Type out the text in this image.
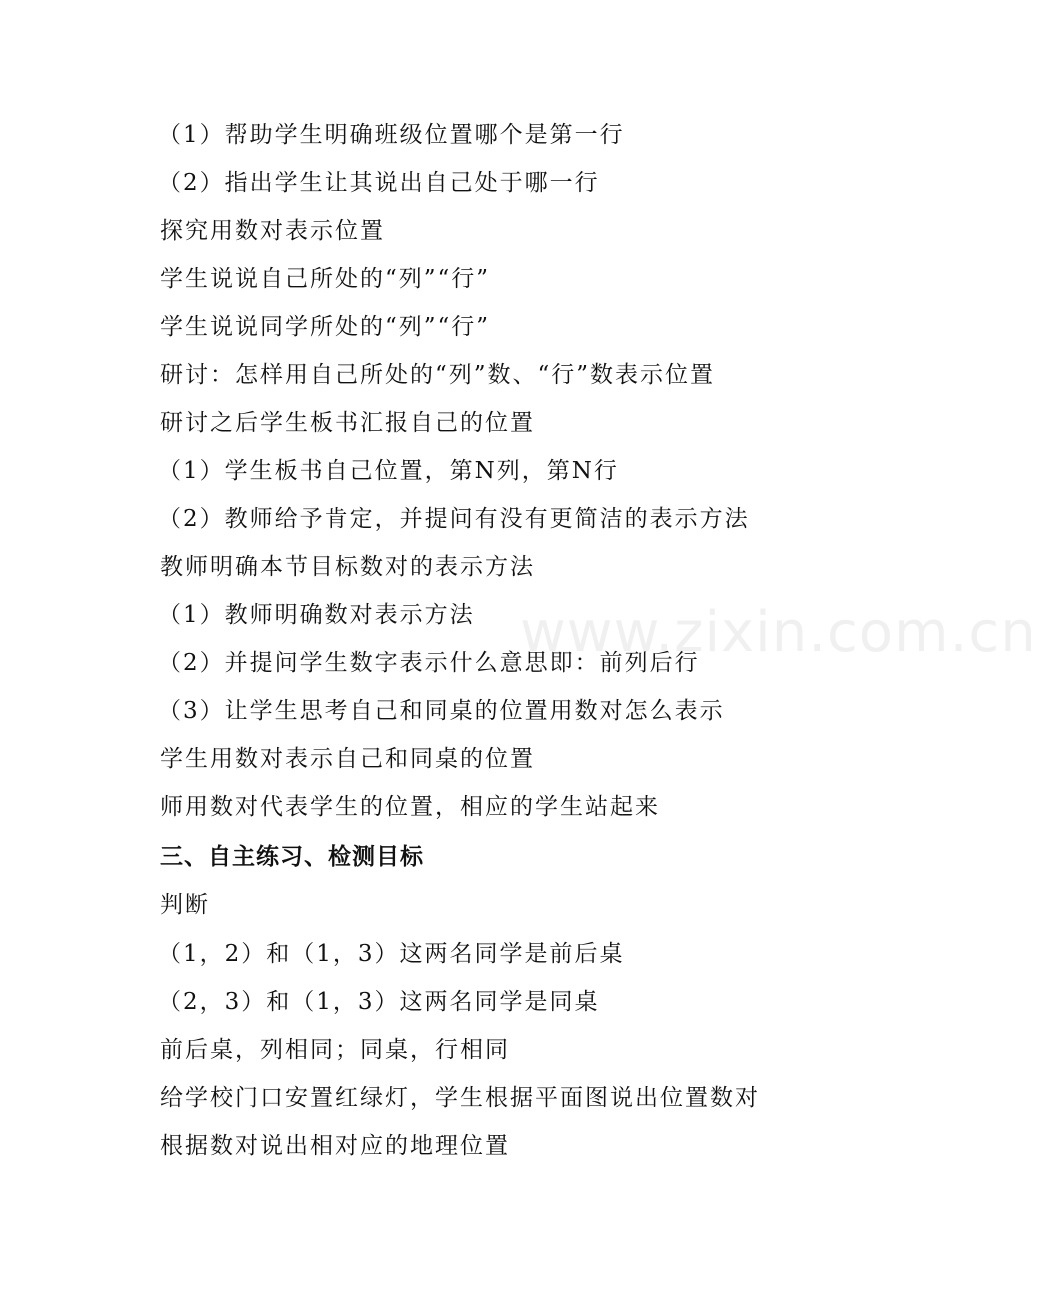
www.zixin.com.cn
（1）帮助学生明确班级位置哪个是第一行
（2）指出学生让其说出自己处于哪一行
探究用数对表示位置
学生说说自己所处的“列”“行”
学生说说同学所处的“列”“行”
研讨：怎样用自己所处的“列”数、“行”数表示位置
研讨之后学生板书汇报自己的位置
（1）学生板书自己位置，第N列，第N行
（2）教师给予肯定，并提问有没有更简洁的表示方法
教师明确本节目标数对的表示方法
（1）教师明确数对表示方法
（2）并提问学生数字表示什么意思即：前列后行
（3）让学生思考自己和同桌的位置用数对怎么表示
学生用数对表示自己和同桌的位置
师用数对代表学生的位置，相应的学生站起来
三、自主练习、检测目标
判断
（1，2）和（1，3）这两名同学是前后桌
（2，3）和（1，3）这两名同学是同桌
前后桌，列相同；同桌，行相同
给学校门口安置红绿灯，学生根据平面图说出位置数对
根据数对说出相对应的地理位置
